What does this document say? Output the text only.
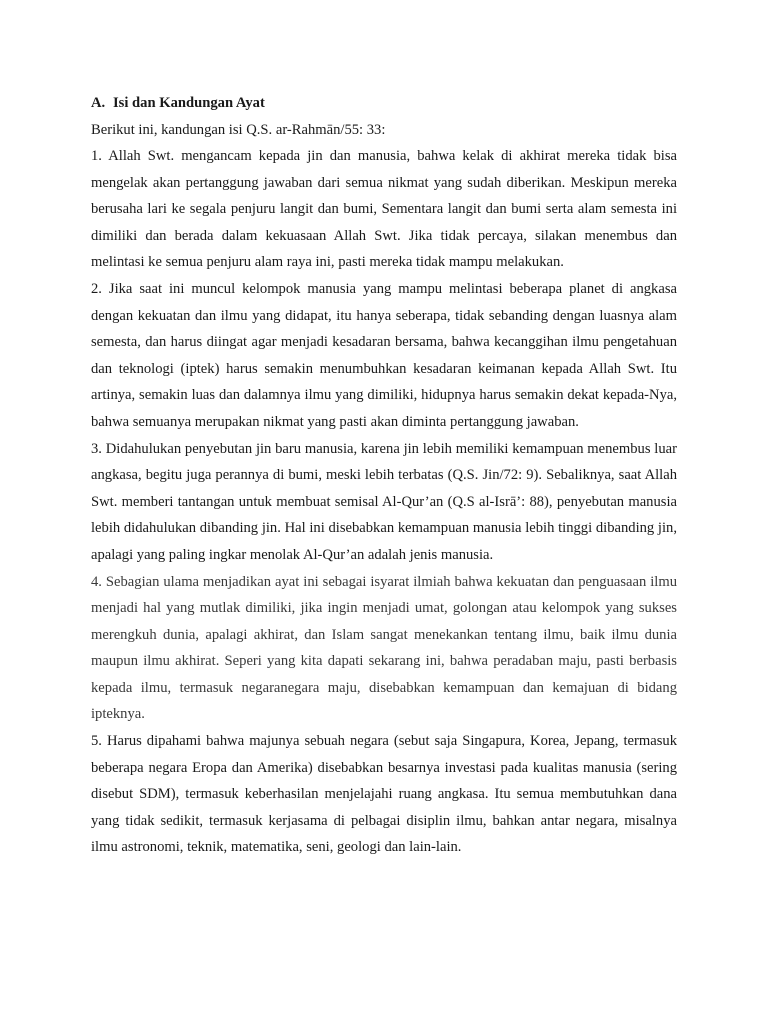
A. Isi dan Kandungan Ayat

Berikut ini, kandungan isi Q.S. ar-Rahmān/55: 33:

1. Allah Swt. mengancam kepada jin dan manusia, bahwa kelak di akhirat mereka tidak bisa mengelak akan pertanggung jawaban dari semua nikmat yang sudah diberikan. Meskipun mereka berusaha lari ke segala penjuru langit dan bumi, Sementara langit dan bumi serta alam semesta ini dimiliki dan berada dalam kekuasaan Allah Swt. Jika tidak percaya, silakan menembus dan melintasi ke semua penjuru alam raya ini, pasti mereka tidak mampu melakukan.

2. Jika saat ini muncul kelompok manusia yang mampu melintasi beberapa planet di angkasa dengan kekuatan dan ilmu yang didapat, itu hanya seberapa, tidak sebanding dengan luasnya alam semesta, dan harus diingat agar menjadi kesadaran bersama, bahwa kecanggihan ilmu pengetahuan dan teknologi (iptek) harus semakin menumbuhkan kesadaran keimanan kepada Allah Swt. Itu artinya, semakin luas dan dalamnya ilmu yang dimiliki, hidupnya harus semakin dekat kepada-Nya, bahwa semuanya merupakan nikmat yang pasti akan diminta pertanggung jawaban.

3. Didahulukan penyebutan jin baru manusia, karena jin lebih memiliki kemampuan menembus luar angkasa, begitu juga perannya di bumi, meski lebih terbatas (Q.S. Jin/72: 9). Sebaliknya, saat Allah Swt. memberi tantangan untuk membuat semisal Al-Qur’an (Q.S al-Isrā’: 88), penyebutan manusia lebih didahulukan dibanding jin. Hal ini disebabkan kemampuan manusia lebih tinggi dibanding jin, apalagi yang paling ingkar menolak Al-Qur’an adalah jenis manusia.

4. Sebagian ulama menjadikan ayat ini sebagai isyarat ilmiah bahwa kekuatan dan penguasaan ilmu menjadi hal yang mutlak dimiliki, jika ingin menjadi umat, golongan atau kelompok yang sukses merengkuh dunia, apalagi akhirat, dan Islam sangat menekankan tentang ilmu, baik ilmu dunia maupun ilmu akhirat. Seperi yang kita dapati sekarang ini, bahwa peradaban maju, pasti berbasis kepada ilmu, termasuk negaranegara maju, disebabkan kemampuan dan kemajuan di bidang ipteknya.

5. Harus dipahami bahwa majunya sebuah negara (sebut saja Singapura, Korea, Jepang, termasuk beberapa negara Eropa dan Amerika) disebabkan besarnya investasi pada kualitas manusia (sering disebut SDM), termasuk keberhasilan menjelajahi ruang angkasa. Itu semua membutuhkan dana yang tidak sedikit, termasuk kerjasama di pelbagai disiplin ilmu, bahkan antar negara, misalnya ilmu astronomi, teknik, matematika, seni, geologi dan lain-lain.
